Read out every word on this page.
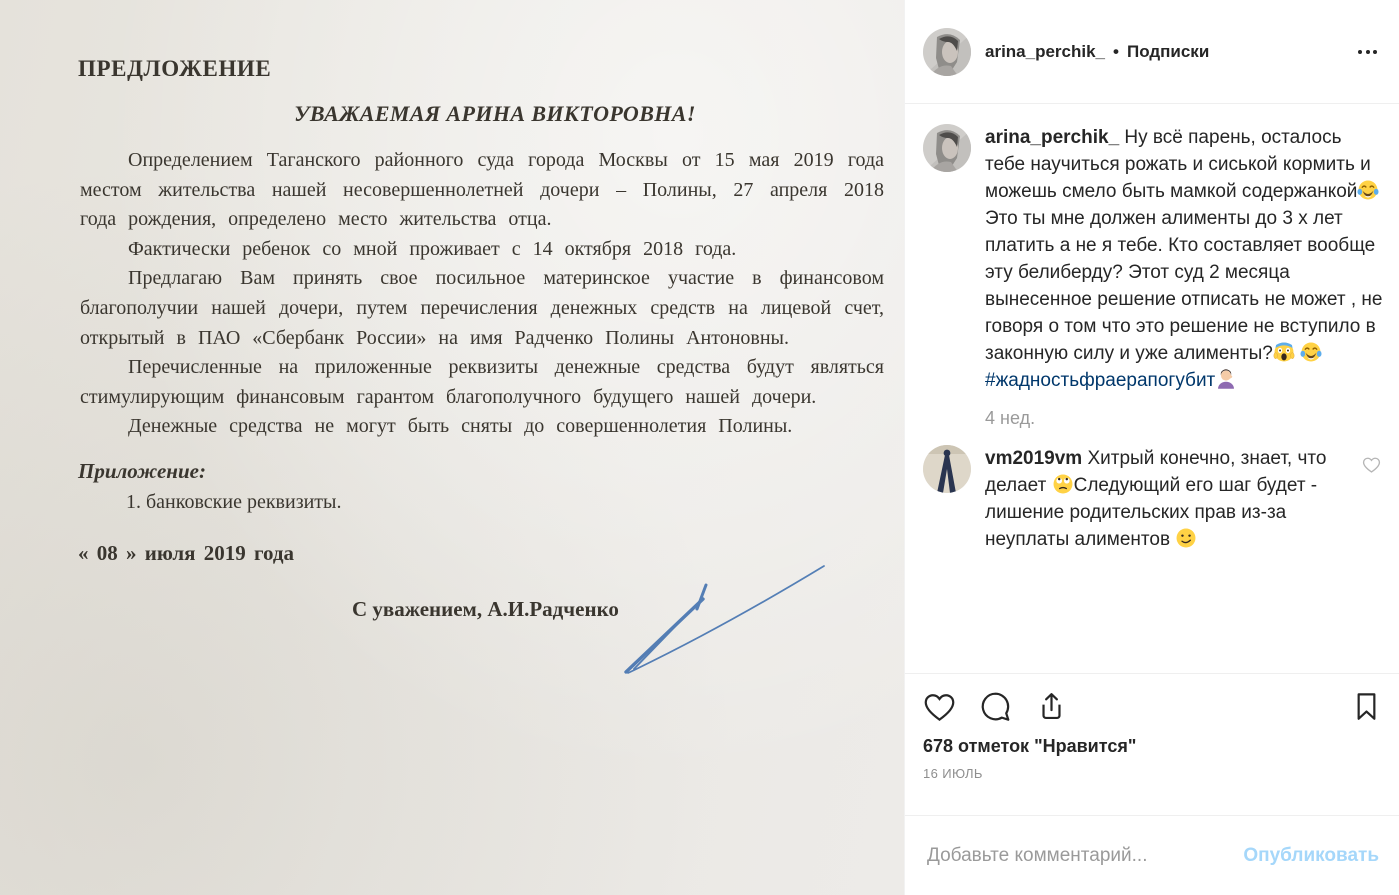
ПРЕДЛОЖЕНИЕ
УВАЖАЕМАЯ АРИНА ВИКТОРОВНА!

Определением Таганского районного суда города Москвы от 15 мая 2019 года местом жительства нашей несовершеннолетней дочери – Полины, 27 апреля 2018 года рождения, определено место жительства отца.

Фактически ребенок со мной проживает с 14 октября 2018 года.

Предлагаю Вам принять свое посильное материнское участие в финансовом благополучии нашей дочери, путем перечисления денежных средств на лицевой счет, открытый в ПАО «Сбербанк России» на имя Радченко Полины Антоновны.

Перечисленные на приложенные реквизиты денежные средства будут являться стимулирующим финансовым гарантом благополучного будущего нашей дочери.

Денежные средства не могут быть сняты до совершеннолетия Полины.

Приложение:
1. банковские реквизиты.
« 08 » июля 2019 года
С уважением, А.И.Радченко
arina_perchik_ • Подписки
arina_perchik_ Ну всё парень, осталось тебе научиться рожать и сиськой кормить и можешь смело быть мамкой содержанкойЭто ты мне должен алименты до 3 х лет платить а не я тебе. Кто составляет вообще эту белиберду? Этот суд 2 месяца вынесенное решение отписать не может , не говоря о том что это решение не вступило в законную силу и уже алименты?  #жадностьфраерапогубит
4 нед.
vm2019vm Хитрый конечно, знает, что делает Следующий его шаг будет - лишение родительских прав из-за неуплаты алиментов
678 отметок "Нравится"
16 ИЮЛЬ
Добавьте комментарий...
Опубликовать
